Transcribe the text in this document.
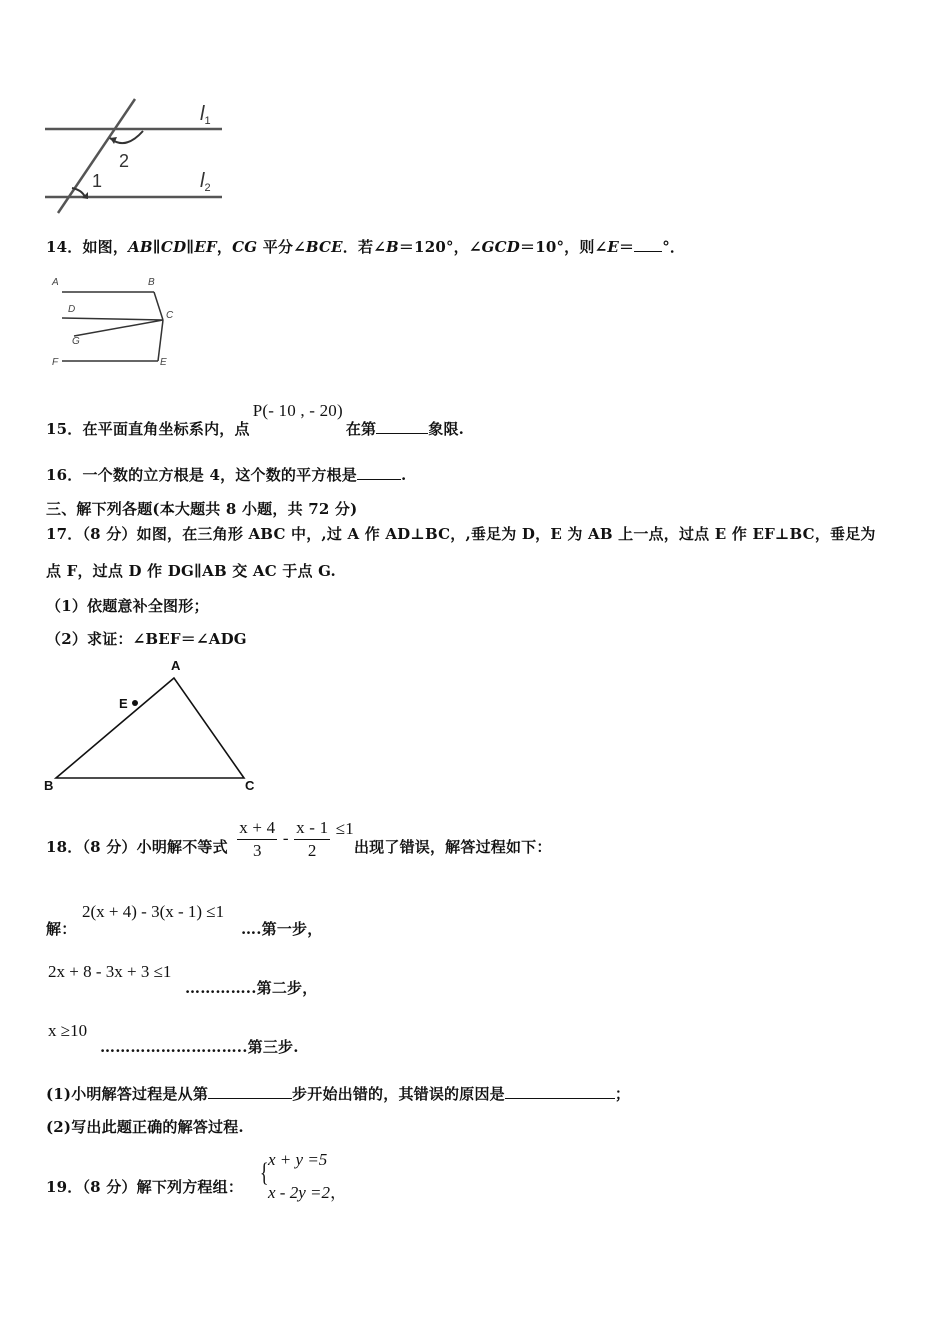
1
2
$l_1$
$l_2$
14．如图，AB∥CD∥EF，CG 平分∠BCE．若∠B＝120°，∠GCD＝10°，则∠E＝ °．
A	B
C
D
G
F	E
15．在平面直角坐标系内，点P(- 10 , - 20)在第	象限.
16．一个数的立方根是 4，这个数的平方根是	.
三、解下列各题(本大题共 8 小题，共 72 分)
17．（8 分）如图，在三角形 ABC 中，,过 A 作 AD⊥BC，,垂足为 D，E 为 AB 上一点，过点 E 作 EF⊥BC，垂足为
点 F，过点 D 作 DG∥AB 交 AC 于点 G.
（1）依题意补全图形；
（2）求证：∠BEF＝∠ADG
A
E
B	C
18．（8 分）小明解不等式 $\frac{x + 4}{3} - \frac{x - 1}{2} \le 1$出现了错误，解答过程如下：
解：
2(x + 4) - 3(x - 1) ≤1
….第一步，
2x + 8 - 3x + 3 ≤1
…………..第二步，
x ≥10
………………………..第三步.
(1)小明解答过程是从第	步开始出错的，其错误的原因是	；
(2)写出此题正确的解答过程.
19．（8 分）解下列方程组： { x + y =5
x - 2y =2，
